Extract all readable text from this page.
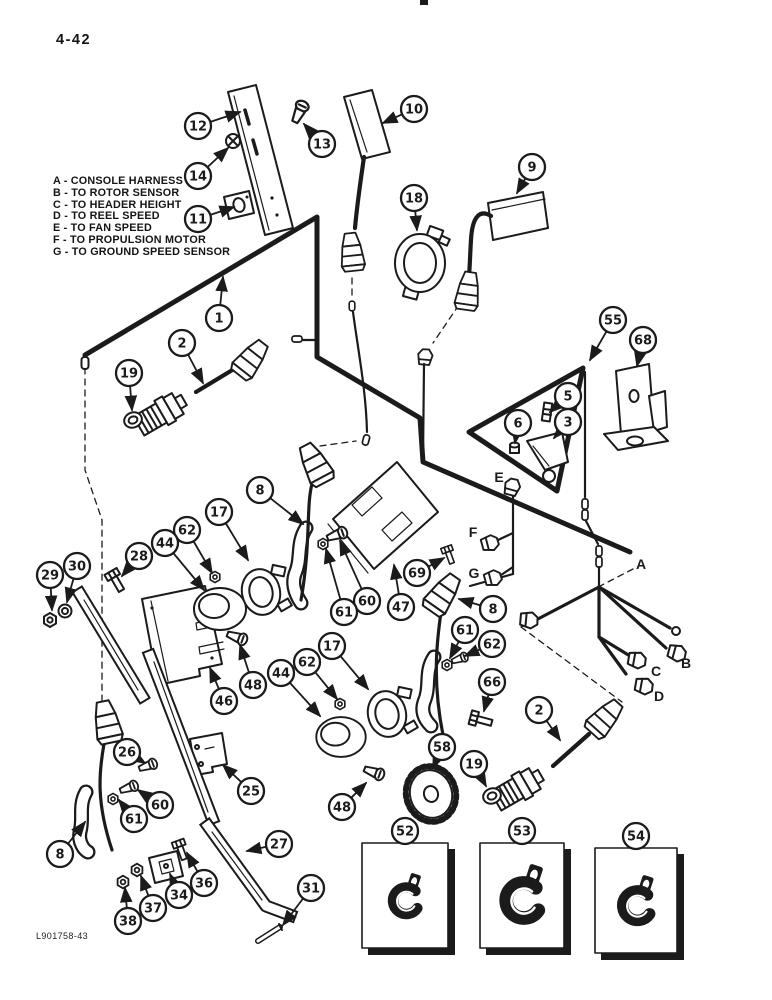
4-42
A - CONSOLE HARNESS
B - TO ROTOR SENSOR
C - TO HEADER HEIGHT
D - TO REEL SPEED
E - TO FAN SPEED
F - TO PROPULSION MOTOR
G - TO GROUND SPEED SENSOR
L901758-43
12
13
14
11
10
18
9
1
2
19
55
68
5
6	3
8
17
62
44
28
30
29
60
61	47
69
46
48
17
62
44
8
61
62
66
2
58
19
48
26
60
61
8
25
27
34
36
37
38
31
A
B
C
D
E
F
G
52	53	54
